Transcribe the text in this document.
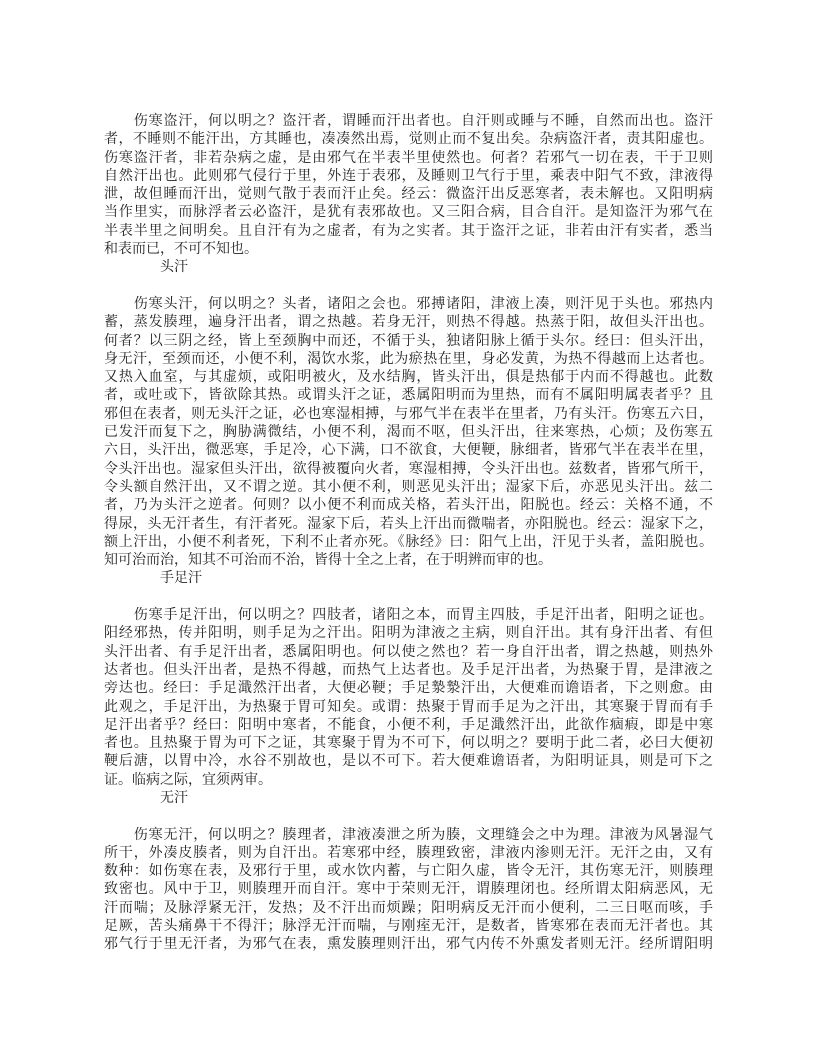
　　伤寒盗汗，何以明之？盗汗者，谓睡而汗出者也。自汗则或睡与不睡，自然而出也。盗汗
者，不睡则不能汗出，方其睡也，凑凑然出焉，觉则止而不复出矣。杂病盗汗者，责其阳虚也。
伤寒盗汗者，非若杂病之虚，是由邪气在半表半里使然也。何者？若邪气一切在表，干于卫则
自然汗出也。此则邪气侵行于里，外连于表邪，及睡则卫气行于里，乘表中阳气不致，津液得
泄，故但睡而汗出，觉则气散于表而汗止矣。经云：微盗汗出反恶寒者，表未解也。又阳明病
当作里实，而脉浮者云必盗汗，是犹有表邪故也。又三阳合病，目合自汗。是知盗汗为邪气在
半表半里之间明矣。且自汗有为之虚者，有为之实者。其于盗汗之证，非若由汗有实者，悉当
和表而已，不可不知也。
头汗
　　伤寒头汗，何以明之？头者，诸阳之会也。邪搏诸阳，津液上凑，则汗见于头也。邪热内
蓄，蒸发腠理，遍身汗出者，谓之热越。若身无汗，则热不得越。热蒸于阳，故但头汗出也。
何者？以三阴之经，皆上至颈胸中而还，不循于头，独诸阳脉上循于头尔。经曰：但头汗出，
身无汗，至颈而还，小便不利，渴饮水浆，此为瘀热在里，身必发黄，为热不得越而上达者也。
又热入血室，与其虚烦，或阳明被火，及水结胸，皆头汗出，俱是热郁于内而不得越也。此数
者，或吐或下，皆欲除其热。或谓头汗之证，悉属阳明而为里热，而有不属阳明属表者乎？且
邪但在表者，则无头汗之证，必也寒湿相搏，与邪气半在表半在里者，乃有头汗。伤寒五六日，
已发汗而复下之，胸胁满微结，小便不利，渴而不呕，但头汗出，往来寒热，心烦；及伤寒五
六日，头汗出，微恶寒，手足冷，心下满，口不欲食，大便鞕，脉细者，皆邪气半在表半在里，
令头汗出也。湿家但头汗出，欲得被覆向火者，寒湿相搏，令头汗出也。兹数者，皆邪气所干，
令头额自然汗出，又不谓之逆。其小便不利，则恶见头汗出；湿家下后，亦恶见头汗出。兹二
者，乃为头汗之逆者。何则？以小便不利而成关格，若头汗出，阳脱也。经云：关格不通，不
得尿，头无汗者生，有汗者死。湿家下后，若头上汗出而微喘者，亦阳脱也。经云：湿家下之，
额上汗出，小便不利者死，下利不止者亦死。《脉经》曰：阳气上出，汗见于头者，盖阳脱也。
知可治而治，知其不可治而不治，皆得十全之上者，在于明辨而审的也。
手足汗
　　伤寒手足汗出，何以明之？四肢者，诸阳之本，而胃主四肢，手足汗出者，阳明之证也。
阳经邪热，传并阳明，则手足为之汗出。阳明为津液之主病，则自汗出。其有身汗出者、有但
头汗出者、有手足汗出者，悉属阳明也。何以使之然也？若一身自汗出者，谓之热越，则热外
达者也。但头汗出者，是热不得越，而热气上达者也。及手足汗出者，为热聚于胃，是津液之
旁达也。经曰：手足濈然汗出者，大便必鞕；手足漐漐汗出，大便难而谵语者，下之则愈。由
此观之，手足汗出，为热聚于胃可知矣。或谓：热聚于胃而手足为之汗出，其寒聚于胃而有手
足汗出者乎？经曰：阳明中寒者，不能食，小便不利，手足濈然汗出，此欲作痼瘕，即是中寒
者也。且热聚于胃为可下之证，其寒聚于胃为不可下，何以明之？要明于此二者，必曰大便初
鞕后溏，以胃中冷，水谷不别故也，是以不可下。若大便难谵语者，为阳明证具，则是可下之
证。临病之际，宜须两审。
无汗
　　伤寒无汗，何以明之？腠理者，津液凑泄之所为腠，文理缝会之中为理。津液为风暑湿气
所干，外凑皮腠者，则为自汗出。若寒邪中经，腠理致密，津液内渗则无汗。无汗之由，又有
数种：如伤寒在表，及邪行于里，或水饮内蓄，与亡阳久虚，皆令无汗，其伤寒无汗，则腠理
致密也。风中于卫，则腠理开而自汗。寒中于荣则无汗，谓腠理闭也。经所谓太阳病恶风，无
汗而喘；及脉浮紧无汗，发热；及不汗出而烦躁；阳明病反无汗而小便利，二三日呕而咳，手
足厥，苦头痛鼻干不得汗；脉浮无汗而喘，与刚痓无汗，是数者，皆寒邪在表而无汗者也。其
邪气行于里无汗者，为邪气在表，熏发腠理则汗出，邪气内传不外熏发者则无汗。经所谓阳明
